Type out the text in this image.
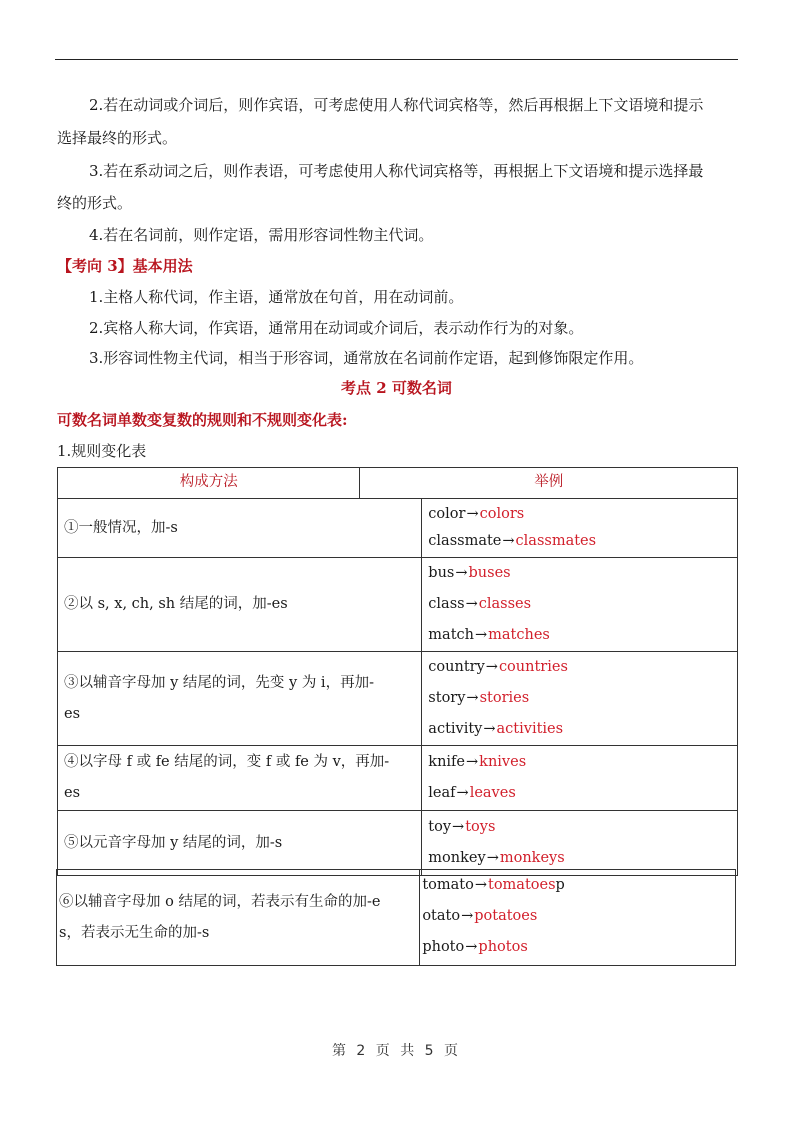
2.若在动词或介词后，则作宾语，可考虑使用人称代词宾格等，然后再根据上下文语境和提示
选择最终的形式。
3.若在系动词之后，则作表语，可考虑使用人称代词宾格等，再根据上下文语境和提示选择最
终的形式。
4.若在名词前，则作定语，需用形容词性物主代词。
【考向 3】基本用法
1.主格人称代词，作主语，通常放在句首，用在动词前。
2.宾格人称大词，作宾语，通常用在动词或介词后，表示动作行为的对象。
3.形容词性物主代词，相当于形容词，通常放在名词前作定语，起到修饰限定作用。
考点 2 可数名词
可数名词单数变复数的规则和不规则变化表:
1.规则变化表
构成方法	举例	

①一般情况，加-s		color→colors
classmate→classmates

②以 s, x, ch, sh 结尾的词，加-es		bus→buses
class→classes
match→matches

③以辅音字母加 y 结尾的词，先变 y 为 i，再加-
es

country→countries
story→stories
activity→activities

④以字母 f 或 fe 结尾的词，变 f 或 fe 为 v，再加-
es

knife→knives
leaf→leaves

⑤以元音字母加 y 结尾的词，加-s		toy→toys
monkey→monkeys
⑥以辅音字母加 o 结尾的词，若表示有生命的加-e
s，若表示无生命的加-s

tomato→tomatoesp
otato→potatoes
photo→photos
第 2 页 共 5 页
